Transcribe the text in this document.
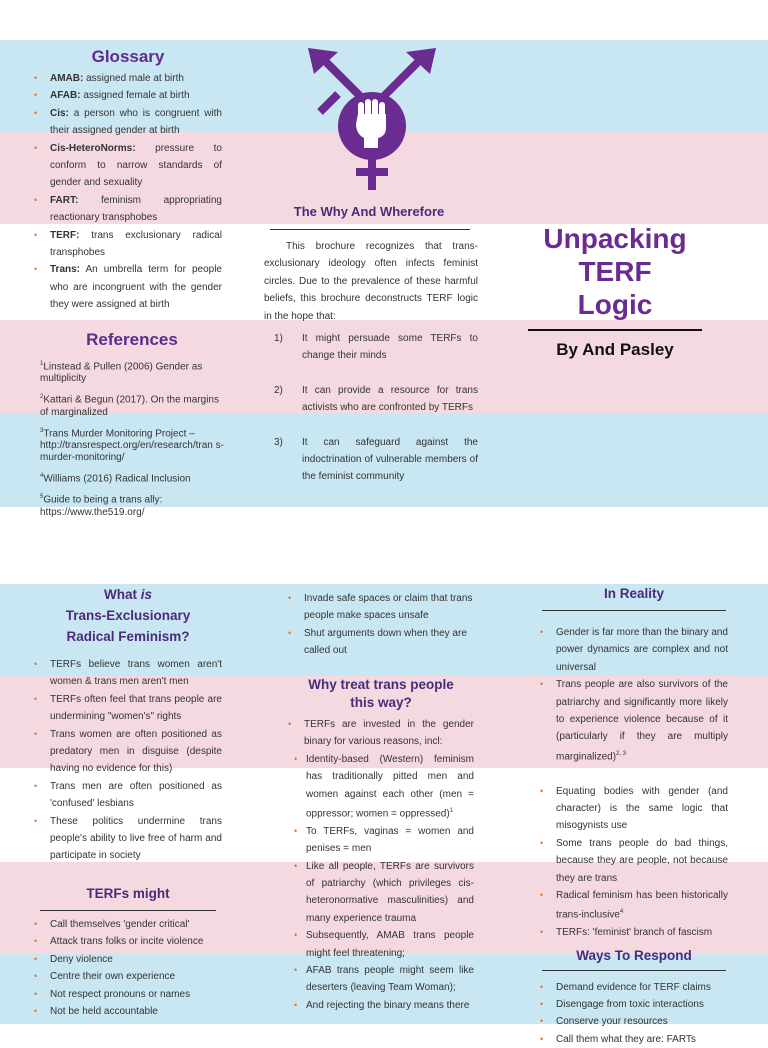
Glossary
• AMAB: assigned male at birth
• AFAB: assigned female at birth
• Cis: a person who is congruent with their assigned gender at birth
• Cis-HeteroNorms: pressure to conform to narrow standards of gender and sexuality
• FART: feminism appropriating reactionary transphobes
• TERF: trans exclusionary radical transphobes
• Trans: An umbrella term for people who are incongruent with the gender they were assigned at birth
References
$^1$Linstead & Pullen (2006) Gender as multiplicity
$^2$Kattari & Begun (2017). On the margins of marginalized
$^3$Trans Murder Monitoring Project – http://transrespect.org/en/research/tran s-murder-monitoring/
$^4$Williams (2016) Radical Inclusion
$^5$Guide to being a trans ally: https://www.the519.org/
The Why And Wherefore

This brochure recognizes that trans-exclusionary ideology often infects feminist circles. Due to the prevalence of these harmful beliefs, this brochure deconstructs TERF logic in the hope that:

1) It might persuade some TERFs to change their minds
2) It can provide a resource for trans activists who are confronted by TERFs
3) It can safeguard against the indoctrination of vulnerable members of the feminist community
Unpacking
TERF
Logic
By And Pasley
What is
Trans-Exclusionary
Radical Feminism?
• TERFs believe trans women aren't women & trans men aren't men
• TERFs often feel that trans people are undermining "women's" rights
• Trans women are often positioned as predatory men in disguise (despite having no evidence for this)
• Trans men are often positioned as 'confused' lesbians
• These politics undermine trans people's ability to live free of harm and participate in society
TERFs might
• Call themselves 'gender critical'
• Attack trans folks or incite violence
• Deny violence
• Centre their own experience
• Not respect pronouns or names
• Not be held accountable
• Invade safe spaces or claim that trans people make spaces unsafe
• Shut arguments down when they are called out
Why treat trans people
this way?
• TERFs are invested in the gender binary for various reasons, incl:
• Identity-based (Western) feminism has traditionally pitted men and women against each other (men = oppressor; women = oppressed)$^1$
• To TERFs, vaginas = women and penises = men
• Like all people, TERFs are survivors of patriarchy (which privileges cis-heteronormative masculinities) and many experience trauma
• Subsequently, AMAB trans people might feel threatening;
• AFAB trans people might seem like deserters (leaving Team Woman);
• And rejecting the binary means there
In Reality
• Gender is far more than the binary and power dynamics are complex and not universal
• Trans people are also survivors of the patriarchy and significantly more likely to experience violence because of it (particularly if they are multiply marginalized)$^{2, 3}$
• Equating bodies with gender (and character) is the same logic that misogynists use
• Some trans people do bad things, because they are people, not because they are trans
• Radical feminism has been historically trans-inclusive$^4$
• TERFs: 'feminist' branch of fascism
Ways To Respond
• Demand evidence for TERF claims
• Disengage from toxic interactions
• Conserve your resources
• Call them what they are: FARTs
